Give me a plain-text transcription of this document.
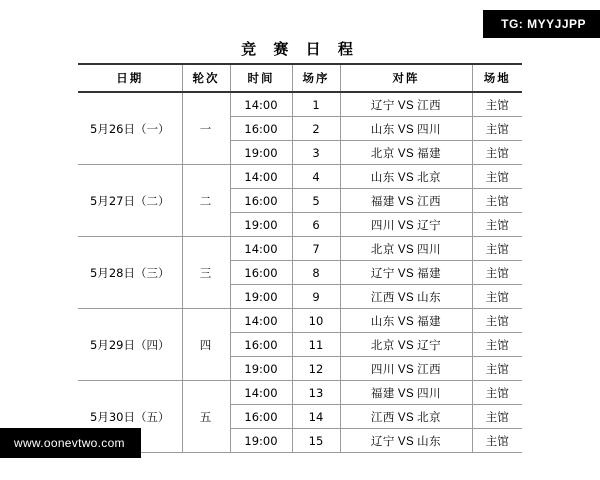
TG: MYYJJPP
竞 赛 日 程
日期	轮次	时间	场序	对阵	场地
5月26日（一）	一	14:00	1	辽宁 VS 江西	主馆
		16:00	2	山东 VS 四川	主馆
		19:00	3	北京 VS 福建	主馆
5月27日（二）	二	14:00	4	山东 VS 北京	主馆
		16:00	5	福建 VS 江西	主馆
		19:00	6	四川 VS 辽宁	主馆
5月28日（三）	三	14:00	7	北京 VS 四川	主馆
		16:00	8	辽宁 VS 福建	主馆
		19:00	9	江西 VS 山东	主馆
5月29日（四）	四	14:00	10	山东 VS 福建	主馆
		16:00	11	北京 VS 辽宁	主馆
		19:00	12	四川 VS 江西	主馆
5月30日（五）	五	14:00	13	福建 VS 四川	主馆
		16:00	14	江西 VS 北京	主馆
		19:00	15	辽宁 VS 山东	主馆
www.oonevtwo.com
